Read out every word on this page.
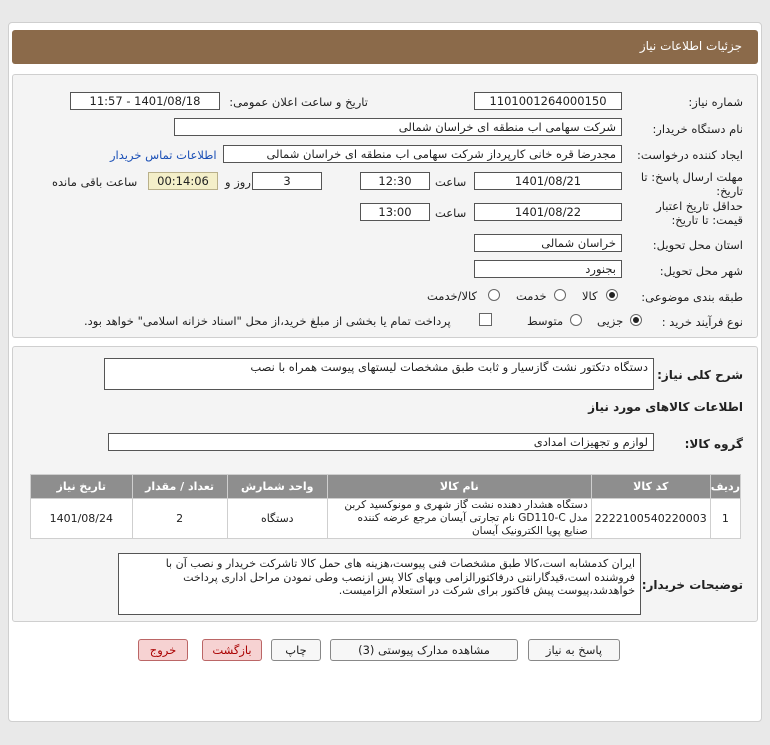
جزئیات اطلاعات نیاز
شماره نیاز:
1101001264000150
تاریخ و ساعت اعلان عمومی:
1401/08/18 - 11:57
نام دستگاه خریدار:
شرکت سهامی اب منطقه ای خراسان شمالی
ایجاد کننده درخواست:
مجدرضا قره خانی کارپرداز شرکت سهامی اب منطقه ای خراسان شمالی
اطلاعات تماس خریدار
مهلت ارسال پاسخ: تا تاریخ:
1401/08/21
ساعت
12:30
3
روز و
00:14:06
ساعت باقی مانده
حداقل تاریخ اعتبار قیمت: تا تاریخ:
1401/08/22
ساعت
13:00
استان محل تحویل:
خراسان شمالی
شهر محل تحویل:
بجنورد
طبقه بندی موضوعی:
کالا
خدمت
کالا/خدمت
نوع فرآیند خرید :
جزیی
متوسط
پرداخت تمام یا بخشی از مبلغ خرید،از محل "اسناد خزانه اسلامی" خواهد بود.
شرح کلی نیاز:
دستگاه دتکتور نشت گازسیار و ثابت طبق مشخصات لیستهای پیوست همراه با نصب
اطلاعات کالاهای مورد نیاز
گروه کالا:
لوازم و تجهیزات امدادی
ردیف	کد کالا	نام کالا	واحد شمارش	تعداد / مقدار	تاریخ نیاز
1	2222100540220003	دستگاه هشدار دهنده نشت گاز شهری و مونوکسید کربن مدل GD110-C نام تجارتی آیسان مرجع عرضه کننده صنایع پویا الکترونیک آیسان	دستگاه	2	1401/08/24
توضیحات خریدار:
ایران کدمشابه است،کالا طبق مشخصات فنی پیوست،هزینه های حمل کالا تاشرکت خریدار و نصب آن با فروشنده است،قیدگارانتی درفاکتورالزامی وبهای کالا پس ازنصب وطی نمودن مراحل اداری پرداخت خواهدشد،پیوست پیش فاکتور برای شرکت در استعلام الزامیست.
پاسخ به نیاز
مشاهده مدارک پیوستی (3)
چاپ
بازگشت
خروج
